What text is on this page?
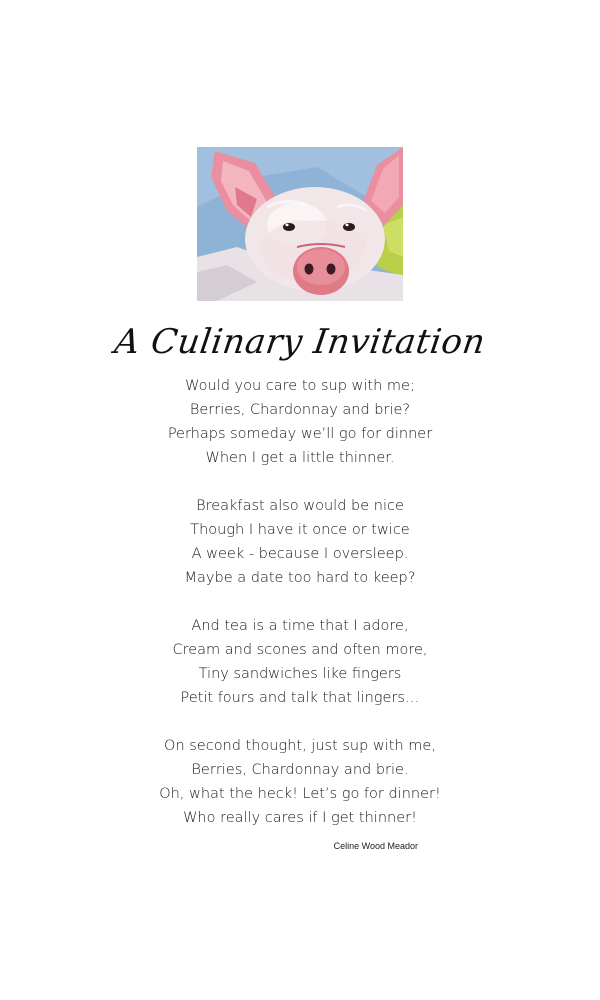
A Culinary Invitation
Would you care to sup with me;
Berries, Chardonnay and brie?
Perhaps someday we’ll go for dinner
When I get a little thinner.
Breakfast also would be nice
Though I have it once or twice
A week - because I oversleep.
Maybe a date too hard to keep?
And tea is a time that I adore,
Cream and scones and often more,
Tiny sandwiches like fingers
Petit fours and talk that lingers…
On second thought, just sup with me,
Berries, Chardonnay and brie.
Oh, what the heck! Let’s go for dinner!
Who really cares if I get thinner!
Celine Wood Meador
